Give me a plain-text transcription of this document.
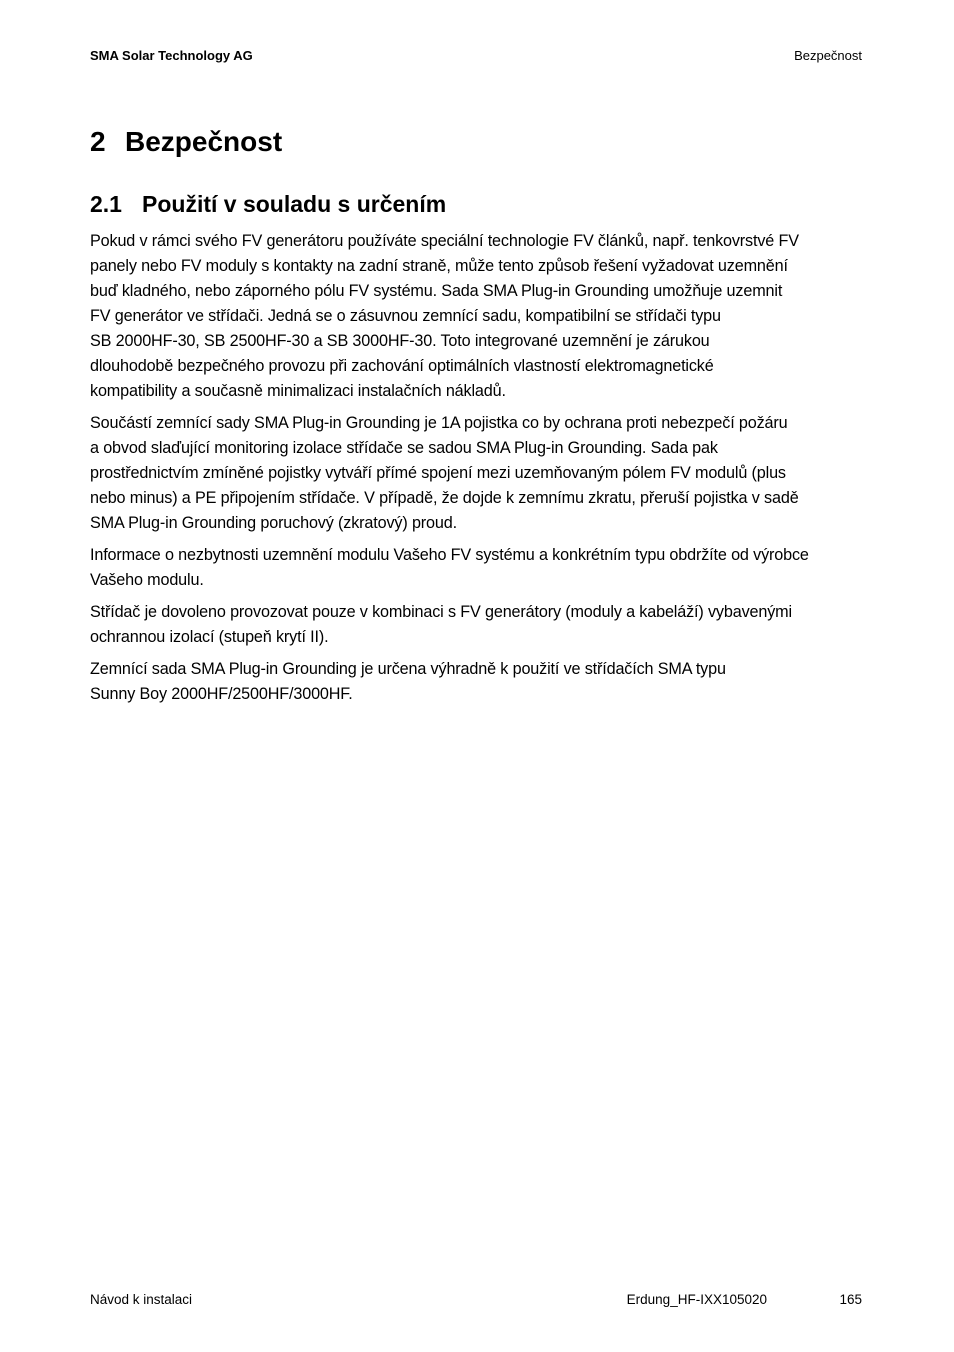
SMA Solar Technology AG	Bezpečnost
2 Bezpečnost
2.1 Použití v souladu s určením

Pokud v rámci svého FV generátoru používáte speciální technologie FV článků, např. tenkovrstvé FV
panely nebo FV moduly s kontakty na zadní straně, může tento způsob řešení vyžadovat uzemnění
buď kladného, nebo záporného pólu FV systému. Sada SMA Plug-in Grounding umožňuje uzemnit
FV generátor ve střídači. Jedná se o zásuvnou zemnící sadu, kompatibilní se střídači typu
SB 2000HF-30, SB 2500HF-30 a SB 3000HF-30. Toto integrované uzemnění je zárukou
dlouhodobě bezpečného provozu při zachování optimálních vlastností elektromagnetické
kompatibility a současně minimalizaci instalačních nákladů.

Součástí zemnící sady SMA Plug-in Grounding je 1A pojistka co by ochrana proti nebezpečí požáru
a obvod slaďující monitoring izolace střídače se sadou SMA Plug-in Grounding. Sada pak
prostřednictvím zmíněné pojistky vytváří přímé spojení mezi uzemňovaným pólem FV modulů (plus
nebo minus) a PE připojením střídače. V případě, že dojde k zemnímu zkratu, přeruší pojistka v sadě
SMA Plug-in Grounding poruchový (zkratový) proud.

Informace o nezbytnosti uzemnění modulu Vašeho FV systému a konkrétním typu obdržíte od výrobce
Vašeho modulu.

Střídač je dovoleno provozovat pouze v kombinaci s FV generátory (moduly a kabeláží) vybavenými
ochrannou izolací (stupeň krytí II).

Zemnící sada SMA Plug-in Grounding je určena výhradně k použití ve střídačích SMA typu
Sunny Boy 2000HF/2500HF/3000HF.

Návod k instalaci	Erdung_HF-IXX105020	165
